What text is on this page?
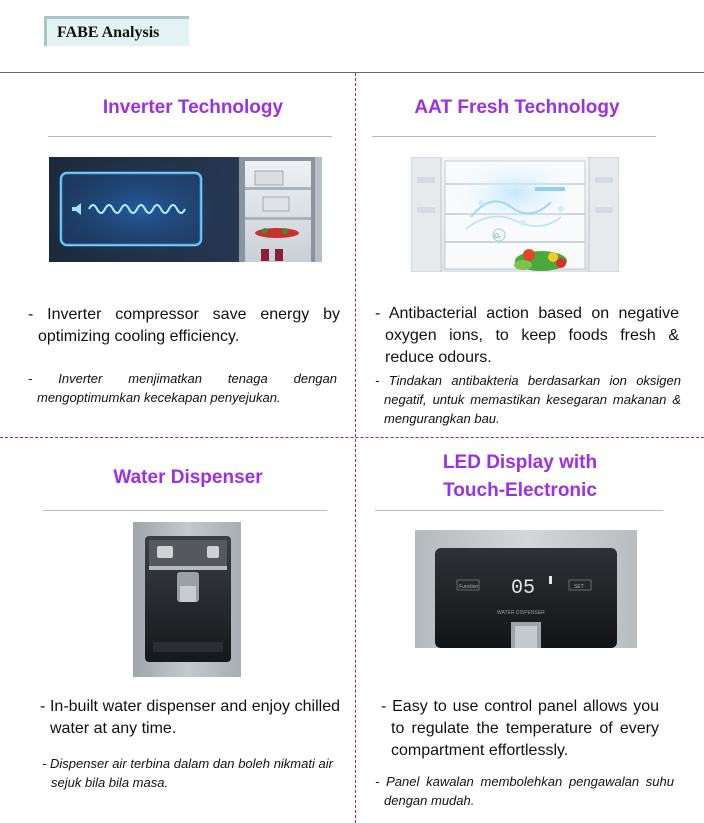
FABE Analysis
Inverter Technology
- Inverter compressor save energy by optimizing cooling efficiency.
- Inverter menjimatkan tenaga dengan mengoptimumkan kecekapan penyejukan.
AAT Fresh Technology
O₂
- Antibacterial action based on negative oxygen ions, to keep foods fresh & reduce odours.
- Tindakan antibakteria berdasarkan ion oksigen negatif, untuk memastikan kesegaran makanan & mengurangkan bau.
Water Dispenser
- In-built water dispenser and enjoy chilled water at any time.
- Dispenser air terbina dalam dan boleh nikmati air sejuk bila bila masa.
LED Display with
Touch-Electronic
Function 05	SET
WATER DISPENSER
- Easy to use control panel allows you to regulate the temperature of every compartment effortlessly.
- Panel kawalan membolehkan pengawalan suhu dengan mudah.
